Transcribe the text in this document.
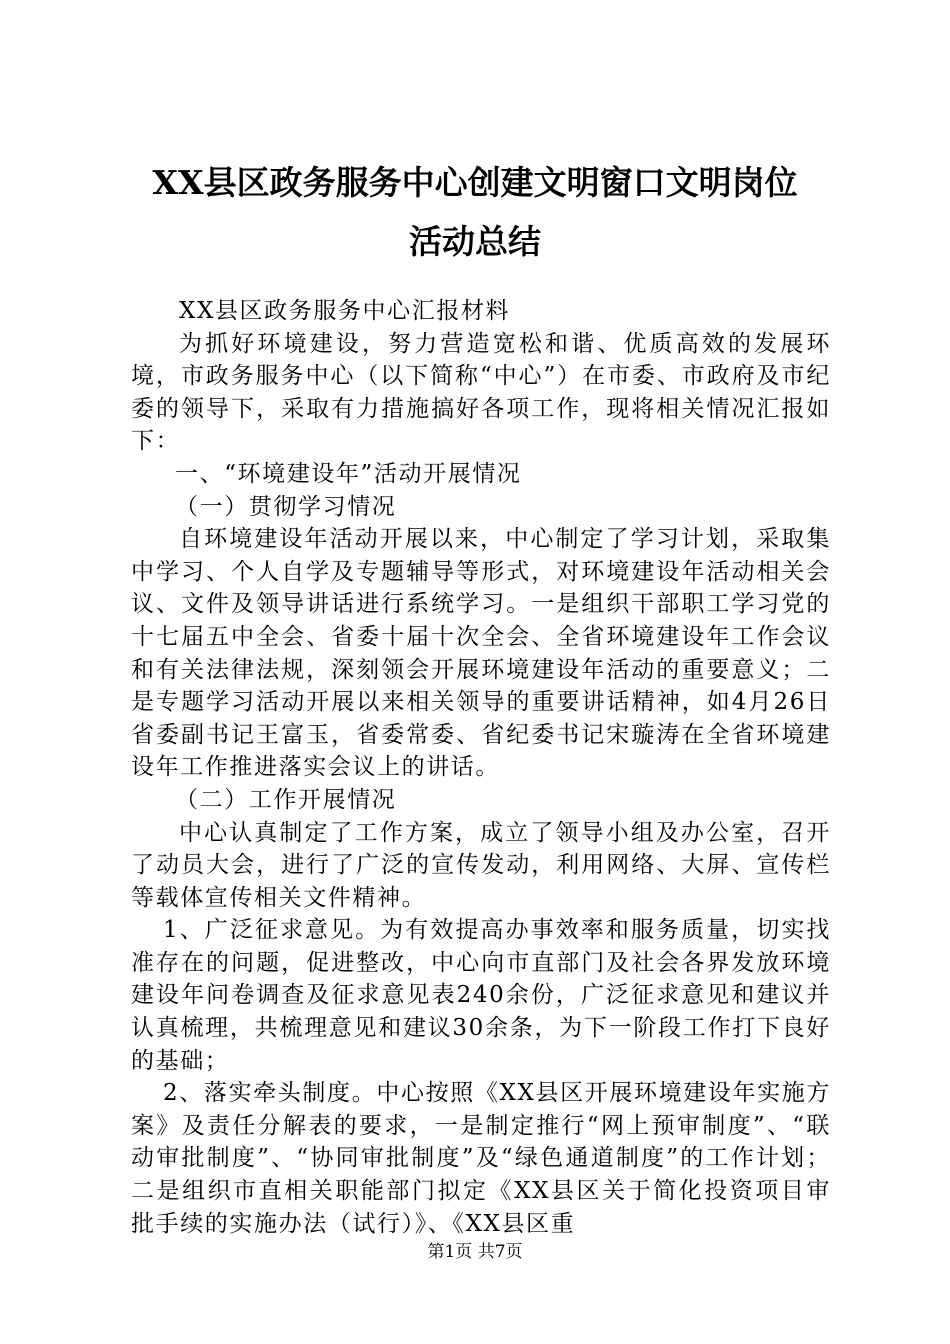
XX县区政务服务中心创建文明窗口文明岗位
活动总结

XX县区政务服务中心汇报材料

为抓好环境建设，努力营造宽松和谐、优质高效的发展环境，市政务服务中心（以下简称“中心”）在市委、市政府及市纪委的领导下，采取有力措施搞好各项工作，现将相关情况汇报如下：

一、“环境建设年”活动开展情况

（一）贯彻学习情况

自环境建设年活动开展以来，中心制定了学习计划，采取集中学习、个人自学及专题辅导等形式，对环境建设年活动相关会议、文件及领导讲话进行系统学习。一是组织干部职工学习党的十七届五中全会、省委十届十次全会、全省环境建设年工作会议和有关法律法规，深刻领会开展环境建设年活动的重要意义；二是专题学习活动开展以来相关领导的重要讲话精神，如4月26日省委副书记王富玉，省委常委、省纪委书记宋璇涛在全省环境建设年工作推进落实会议上的讲话。

（二）工作开展情况

中心认真制定了工作方案，成立了领导小组及办公室，召开了动员大会，进行了广泛的宣传发动，利用网络、大屏、宣传栏等载体宣传相关文件精神。

1、广泛征求意见。为有效提高办事效率和服务质量，切实找准存在的问题，促进整改，中心向市直部门及社会各界发放环境建设年问卷调查及征求意见表240余份，广泛征求意见和建议并认真梳理，共梳理意见和建议30余条，为下一阶段工作打下良好的基础；

2、落实牵头制度。中心按照《XX县区开展环境建设年实施方案》及责任分解表的要求，一是制定推行“网上预审制度”、“联动审批制度”、“协同审批制度”及“绿色通道制度”的工作计划；二是组织市直相关职能部门拟定《XX县区关于简化投资项目审批手续的实施办法（试行）》、《XX县区重

第1页 共7页
